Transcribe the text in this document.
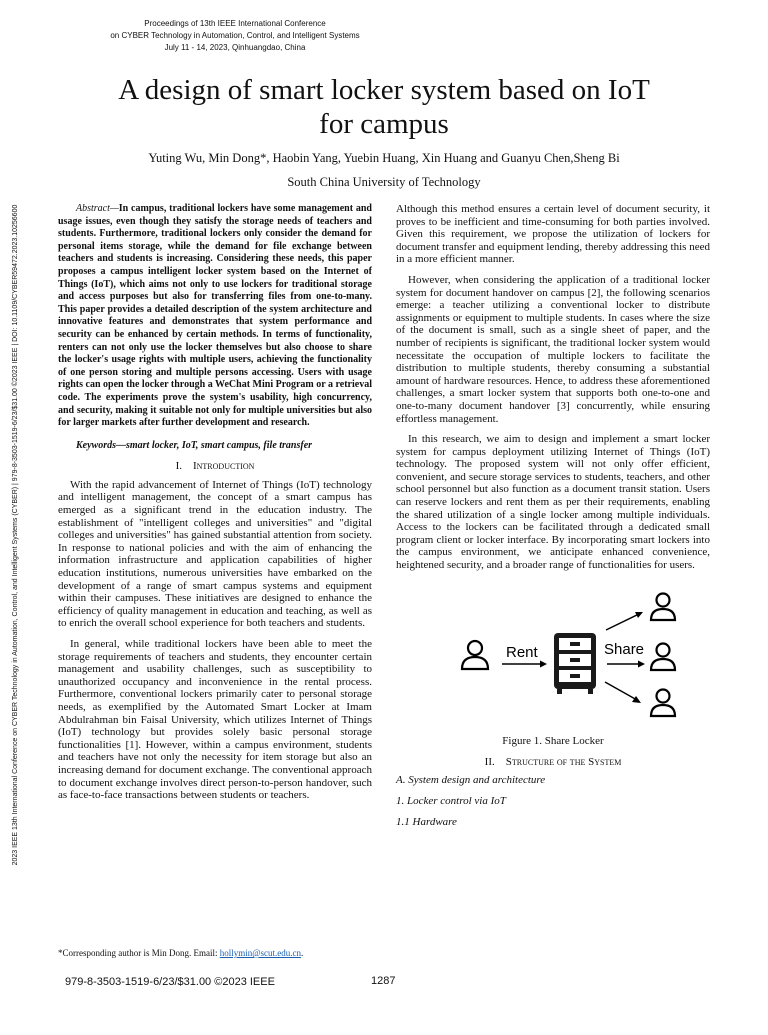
Proceedings of 13th IEEE International Conference
on CYBER Technology in Automation, Control, and Intelligent Systems
July 11 - 14, 2023, Qinhuangdao, China
2023 IEEE 13th International Conference on CYBER Technology in Automation, Control, and Intelligent Systems (CYBER) | 979-8-3503-1519-6/23/$31.00 ©2023 IEEE | DOI: 10.1109/CYBER59472.2023.10256600
A design of smart locker system based on IoT
for campus
Yuting Wu, Min Dong*, Haobin Yang, Yuebin Huang, Xin Huang and Guanyu Chen,Sheng Bi
South China University of Technology

Abstract—In campus, traditional lockers have some management and usage issues, even though they satisfy the storage needs of teachers and students. Furthermore, traditional lockers only consider the demand for personal items storage, while the demand for file exchange between teachers and students is increasing. Considering these needs, this paper proposes a campus intelligent locker system based on the Internet of Things (IoT), which aims not only to use lockers for traditional storage and access purposes but also for transferring files from one-to-many. This paper provides a detailed description of the system architecture and innovative features and demonstrates that system performance and security can be enhanced by certain methods. In terms of functionality, renters can not only use the locker themselves but also choose to share the locker's usage rights with multiple users, achieving the functionality of one person storing and multiple persons accessing. Users with usage rights can open the locker through a WeChat Mini Program or a retrieval code. The experiments prove the system's usability, high concurrency, and security, making it suitable not only for multiple universities but also for larger markets after further development and research.

Keywords—smart locker, IoT, smart campus, file transfer

I. Introduction

With the rapid advancement of Internet of Things (IoT) technology and intelligent management, the concept of a smart campus has emerged as a significant trend in the education industry. The establishment of "intelligent colleges and universities" and "digital colleges and universities" has gained substantial attention from society. In response to national policies and with the aim of enhancing the information infrastructure and application capabilities of higher education institutions, numerous universities have embarked on the development of a range of smart campus systems and equipment within their campuses. These initiatives are designed to enhance the efficiency of quality management in education and teaching, as well as to enrich the overall school experience for both teachers and students.

In general, while traditional lockers have been able to meet the storage requirements of teachers and students, they encounter certain management and usability challenges, such as susceptibility to unauthorized occupancy and inconvenience in the rental process. Furthermore, conventional lockers primarily cater to personal storage needs, as exemplified by the Automated Smart Locker at Imam Abdulrahman bin Faisal University, which utilizes Internet of Things (IoT) technology but provides solely basic personal storage functionalities [1]. However, within a campus environment, students and teachers have not only the necessity for item storage but also an increasing demand for document exchange. The conventional approach to document exchange involves direct person-to-person handover, such as face-to-face transactions between students or teachers.

Although this method ensures a certain level of document security, it proves to be inefficient and time-consuming for both parties involved. Given this requirement, we propose the utilization of lockers for document transfer and equipment lending, thereby addressing this need in a more efficient manner.

However, when considering the application of a traditional locker system for document handover on campus [2], the following scenarios emerge: a teacher utilizing a conventional locker to distribute assignments or equipment to multiple students. In cases where the size of the document is small, such as a single sheet of paper, and the number of recipients is significant, the traditional locker system would necessitate the occupation of multiple lockers to facilitate the distribution to multiple students, thereby consuming a substantial amount of hardware resources. Hence, to address these aforementioned challenges, a smart locker system that supports both one-to-one and one-to-many document handover [3] concurrently, while ensuring effortless management.

In this research, we aim to design and implement a smart locker system for campus deployment utilizing Internet of Things (IoT) technology. The proposed system will not only offer efficient, convenient, and secure storage services to students, teachers, and other school personnel but also function as a document transit station. Users can reserve lockers and rent them as per their requirements, enabling the shared utilization of a single locker among multiple individuals. Access to the lockers can be facilitated through a dedicated small program client or locker interface. By incorporating smart lockers into the campus environment, we anticipate enhanced convenience, heightened security, and a broader range of functionalities for users.

Rent	Share
Figure 1. Share Locker
II. Structure of the System
A. System design and architecture
1. Locker control via IoT
1.1 Hardware
*Corresponding author is Min Dong. Email: hollymin@scut.edu.cn.
979-8-3503-1519-6/23/$31.00 ©2023 IEEE	1287
